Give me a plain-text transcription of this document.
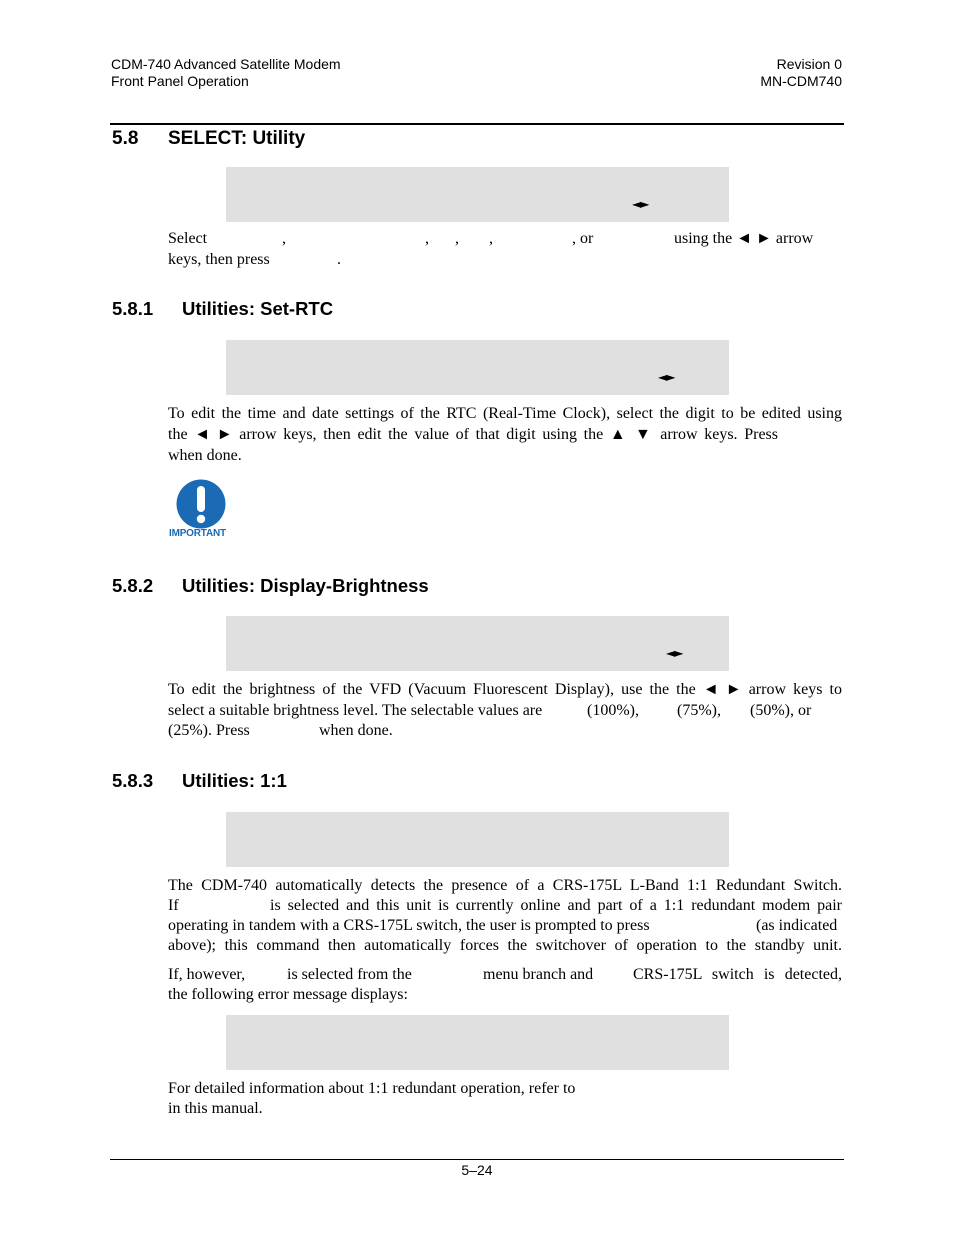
CDM-740 Advanced Satellite Modem
Front Panel Operation
Revision 0
MN-CDM740
5.8 SELECT: Utility
◄►
Select	,	, , ,	, or	using the ◄ ► arrow
keys, then press	.
5.8.1 Utilities: Set-RTC
◄►
To edit the time and date settings of the RTC (Real-Time Clock), select the digit to be edited using
the ◄ ► arrow keys, then edit the value of that digit using the ▲ ▼ arrow keys. Press
when done.
IMPORTANT
5.8.2 Utilities: Display-Brightness
◄►
To edit the brightness of the VFD (Vacuum Fluorescent Display), use the the ◄ ► arrow keys to
select a suitable brightness level. The selectable values are	(100%), (75%), (50%), or
(25%). Press	when done.
5.8.3 Utilities: 1:1
The CDM-740 automatically detects the presence of a CRS-175L L-Band 1:1 Redundant Switch.
If	is selected and this unit is currently online and part of a 1:1 redundant modem pair
operating in tandem with a CRS-175L switch, the user is prompted to press	(as indicated
above); this command then automatically forces the switchover of operation to the standby unit.
If, however,	is selected from the	menu branch and CRS-175L switch is detected,
the following error message displays:
For detailed information about 1:1 redundant operation, refer to
in this manual.
5–24
